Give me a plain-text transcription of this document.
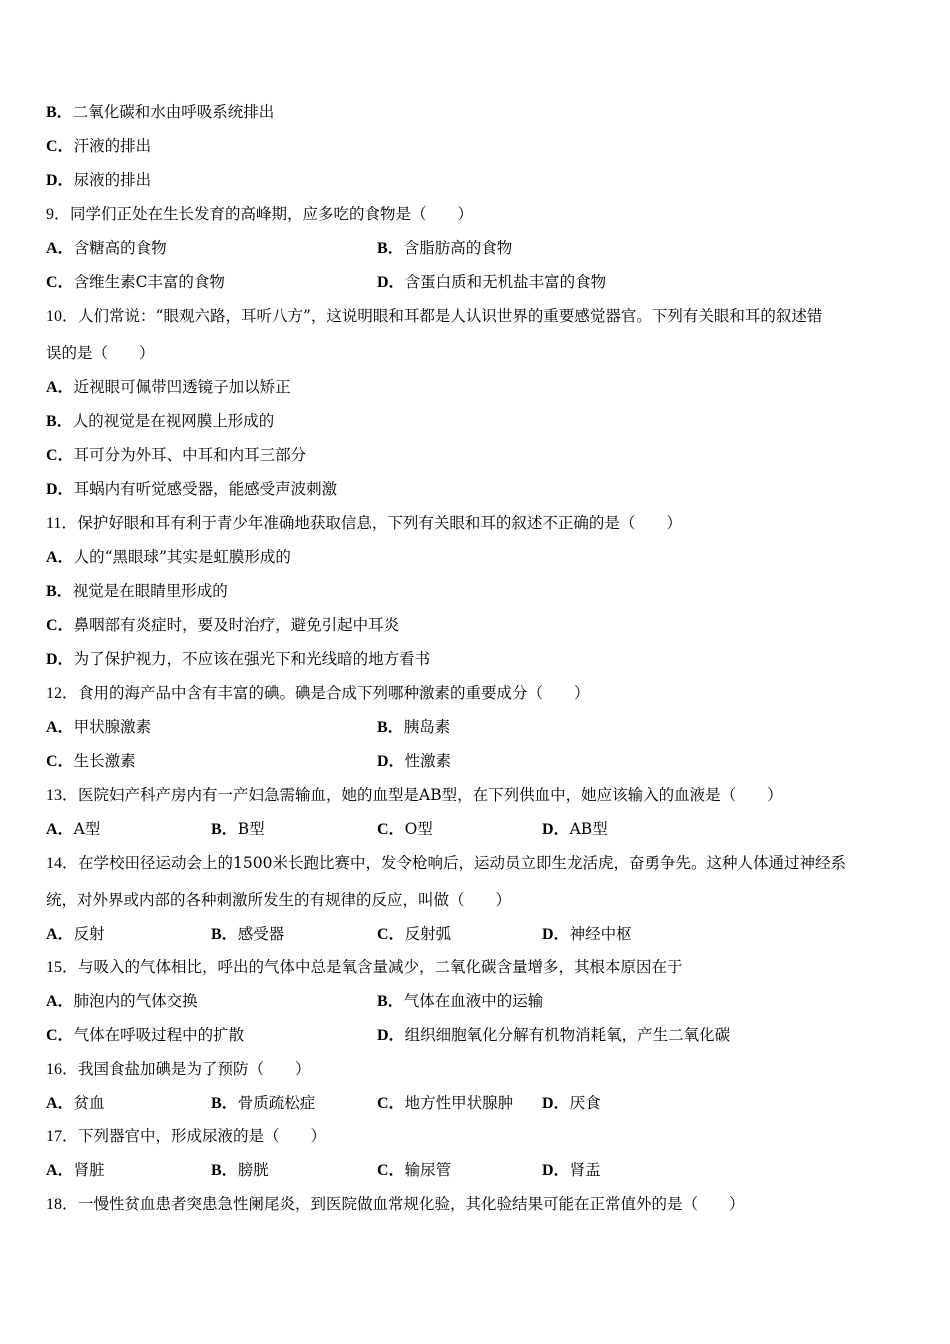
B．二氧化碳和水由呼吸系统排出
C．汗液的排出
D．尿液的排出
9．同学们正处在生长发育的高峰期，应多吃的食物是（　　）
A．含糖高的食物	B．含脂肪高的食物
C．含维生素C丰富的食物	D．含蛋白质和无机盐丰富的食物
10．人们常说：“眼观六路，耳听八方”，这说明眼和耳都是人认识世界的重要感觉器官。下列有关眼和耳的叙述错
误的是（　　）
A．近视眼可佩带凹透镜子加以矫正
B．人的视觉是在视网膜上形成的
C．耳可分为外耳、中耳和内耳三部分
D．耳蜗内有听觉感受器，能感受声波刺激
11．保护好眼和耳有利于青少年准确地获取信息，下列有关眼和耳的叙述不正确的是（　　）
A．人的“黑眼球”其实是虹膜形成的
B．视觉是在眼睛里形成的
C．鼻咽部有炎症时，要及时治疗，避免引起中耳炎
D．为了保护视力，不应该在强光下和光线暗的地方看书
12．食用的海产品中含有丰富的碘。碘是合成下列哪种激素的重要成分（　　）
A．甲状腺激素	B．胰岛素
C．生长激素	D．性激素
13．医院妇产科产房内有一产妇急需输血，她的血型是AB型，在下列供血中，她应该输入的血液是（　　）
A．A型	B．B型	C．O型	D．AB型
14．在学校田径运动会上的1500米长跑比赛中，发令枪响后，运动员立即生龙活虎，奋勇争先。这种人体通过神经系
统，对外界或内部的各种刺激所发生的有规律的反应，叫做（　　）
A．反射	B．感受器	C．反射弧	D．神经中枢
15．与吸入的气体相比，呼出的气体中总是氧含量减少，二氧化碳含量增多，其根本原因在于
A．肺泡内的气体交换	B．气体在血液中的运输
C．气体在呼吸过程中的扩散	D．组织细胞氧化分解有机物消耗氧，产生二氧化碳
16．我国食盐加碘是为了预防（　　）
A．贫血	B．骨质疏松症	C．地方性甲状腺肿 D．厌食
17．下列器官中，形成尿液的是（　　）
A．肾脏	B．膀胱	C．输尿管	D．肾盂
18．一慢性贫血患者突患急性阑尾炎，到医院做血常规化验，其化验结果可能在正常值外的是（　　）
